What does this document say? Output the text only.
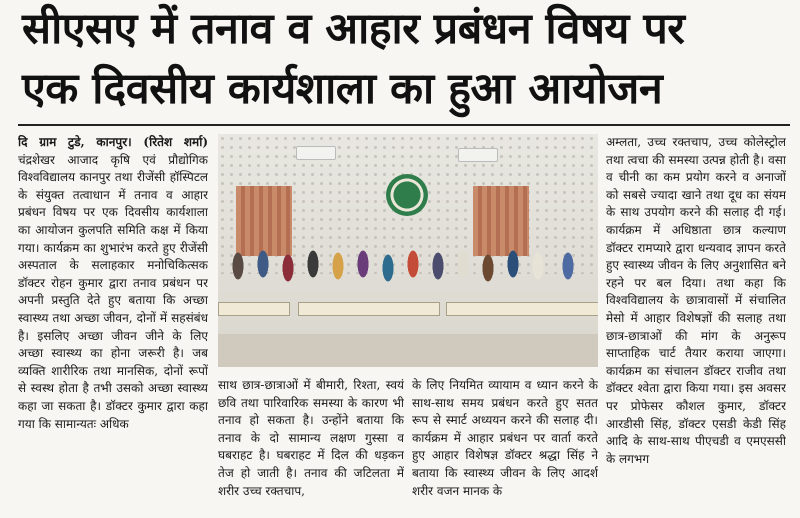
सीएसए में तनाव व आहार प्रबंधन विषय पर
एक दिवसीय कार्यशाला का हुआ आयोजन
दि ग्राम टुडे, कानपुर। (रितेश शर्मा) चंद्रशेखर आजाद कृषि एवं प्रौद्योगिक विश्वविद्यालय कानपुर तथा रीजेंसी हॉस्पिटल के संयुक्त तत्वाधान में तनाव व आहार प्रबंधन विषय पर एक दिवसीय कार्यशाला का आयोजन कुलपति समिति कक्ष में किया गया। कार्यक्रम का शुभारंभ करते हुए रीजेंसी अस्पताल के सलाहकार मनोचिकित्सक डॉक्टर रोहन कुमार द्वारा तनाव प्रबंधन पर अपनी प्रस्तुति देते हुए बताया कि अच्छा स्वास्थ्य तथा अच्छा जीवन, दोनों में सहसंबंध है। इसलिए अच्छा जीवन जीने के लिए अच्छा स्वास्थ्य का होना जरूरी है। जब व्यक्ति शारीरिक तथा मानसिक, दोनों रूपों से स्वस्थ होता है तभी उसको अच्छा स्वास्थ्य कहा जा सकता है। डॉक्टर कुमार द्वारा कहा गया कि सामान्यतः अधिक
साथ छात्र-छात्राओं में बीमारी, रिश्ता, स्वयं छवि तथा पारिवारिक समस्या के कारण भी तनाव हो सकता है। उन्होंने बताया कि तनाव के दो सामान्य लक्षण गुस्सा व घबराहट है। घबराहट में दिल की धड़कन तेज हो जाती है। तनाव की जटिलता में शरीर उच्च रक्तचाप,
के लिए नियमित व्यायाम व ध्यान करने के साथ-साथ समय प्रबंधन करते हुए सतत रूप से स्मार्ट अध्ययन करने की सलाह दी। कार्यक्रम में आहार प्रबंधन पर वार्ता करते हुए आहार विशेषज्ञ डॉक्टर श्रद्धा सिंह ने बताया कि स्वास्थ्य जीवन के लिए आदर्श शरीर वजन मानक के
अम्लता, उच्च रक्तचाप, उच्च कोलेस्ट्रोल तथा त्वचा की समस्या उत्पन्न होती है। वसा व चीनी का कम प्रयोग करने व अनाजों को सबसे ज्यादा खाने तथा दूध का संयम के साथ उपयोग करने की सलाह दी गई। कार्यक्रम में अधिष्ठाता छात्र कल्याण डॉक्टर रामप्यारे द्वारा धन्यवाद ज्ञापन करते हुए स्वास्थ्य जीवन के लिए अनुशासित बने रहने पर बल दिया। तथा कहा कि विश्वविद्यालय के छात्रावासों में संचालित मेसो में आहार विशेषज्ञों की सलाह तथा छात्र-छात्राओं की मांग के अनुरूप साप्ताहिक चार्ट तैयार कराया जाएगा। कार्यक्रम का संचालन डॉक्टर राजीव तथा डॉक्टर श्वेता द्वारा किया गया। इस अवसर पर प्रोफेसर कौशल कुमार, डॉक्टर आरडीसी सिंह, डॉक्टर एसडी केडी सिंह आदि के साथ-साथ पीएचडी व एमएससी के लगभग
